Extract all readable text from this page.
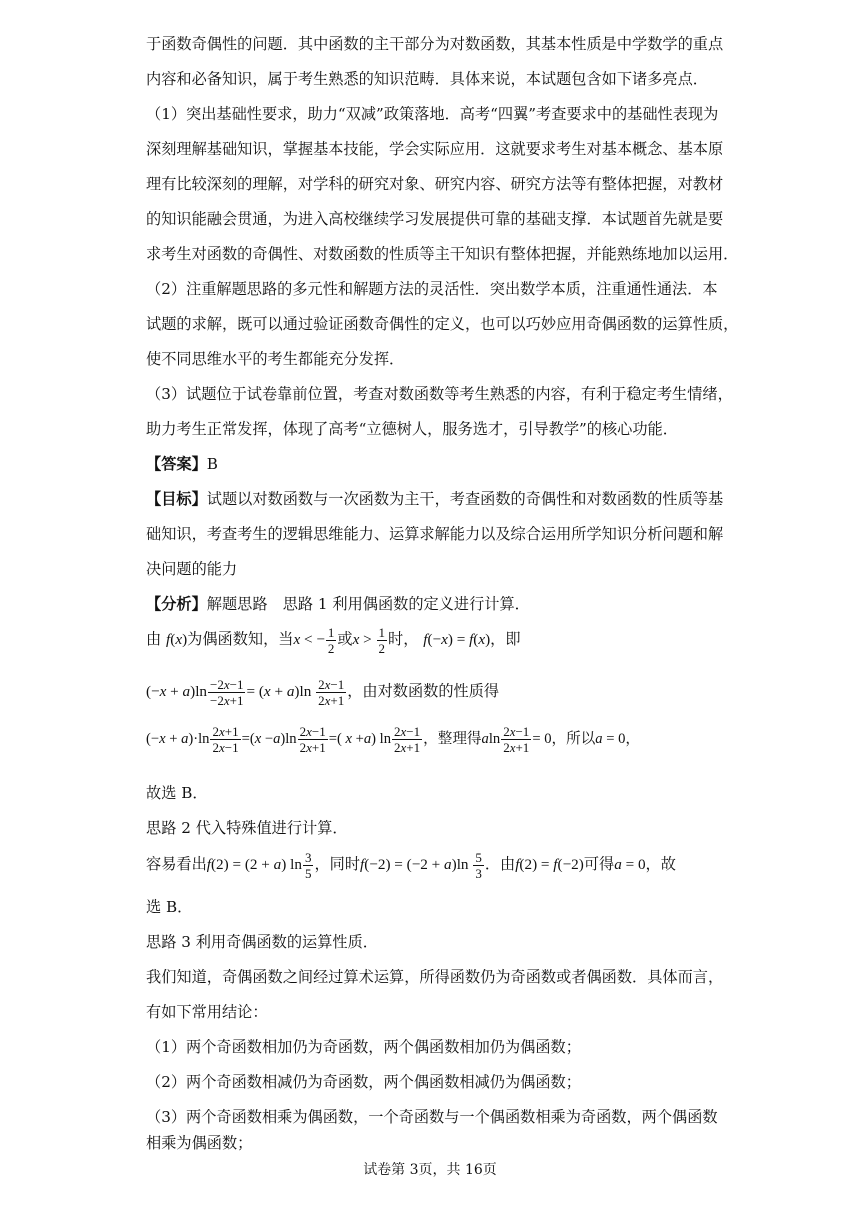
于函数奇偶性的问题．其中函数的主干部分为对数函数，其基本性质是中学数学的重点
内容和必备知识，属于考生熟悉的知识范畴．具体来说，本试题包含如下诸多亮点．
（1）突出基础性要求，助力“双减”政策落地．高考“四翼”考查要求中的基础性表现为
深刻理解基础知识，掌握基本技能，学会实际应用．这就要求考生对基本概念、基本原
理有比较深刻的理解，对学科的研究对象、研究内容、研究方法等有整体把握，对教材
的知识能融会贯通，为进入高校继续学习发展提供可靠的基础支撑．本试题首先就是要
求考生对函数的奇偶性、对数函数的性质等主干知识有整体把握，并能熟练地加以运用．
（2）注重解题思路的多元性和解题方法的灵活性．突出数学本质，注重通性通法．本
试题的求解，既可以通过验证函数奇偶性的定义，也可以巧妙应用奇偶函数的运算性质，
使不同思维水平的考生都能充分发挥．
（3）试题位于试卷靠前位置，考查对数函数等考生熟悉的内容，有利于稳定考生情绪，
助力考生正常发挥，体现了高考“立德树人，服务选才，引导教学”的核心功能．
【答案】B
【目标】试题以对数函数与一次函数为主干，考查函数的奇偶性和对数函数的性质等基
础知识，考查考生的逻辑思维能力、运算求解能力以及综合运用所学知识分析问题和解
决问题的能力
【分析】解题思路　思路 1 利用偶函数的定义进行计算．
由 f(x)为偶函数知，当x < − $\frac{1}{2}$ 或$x > \frac{1}{2}$ 时， f(−x) = f(x)，即
$(-x + a)\ln \frac{-2x-1}{-2x+1} = (x + a)\ln \frac{2x-1}{2x+1}$ ，由对数函数的性质得
$(-x + a)\cdot\ln \frac{2x+1}{2x-1} =(x -a)\ln \frac{2x-1}{2x+1}$ =( x +a) $\ln \frac{2x-1}{2x+1}$ ，整理得aln $\frac{2x-1}{2x+1} = 0$，所以a = 0，
故选 B．
思路 2 代入特殊值进行计算．
容易看出f(2) = (2 + a) $\ln \frac{3}{5}$ ，同时$f(-2) = (-2 + a)\ln \frac{5}{3}$ ．由f(2) = f(−2)可得a = 0，故
选 B．
思路 3 利用奇偶函数的运算性质．
我们知道，奇偶函数之间经过算术运算，所得函数仍为奇函数或者偶函数．具体而言，
有如下常用结论：
（1）两个奇函数相加仍为奇函数，两个偶函数相加仍为偶函数；
（2）两个奇函数相减仍为奇函数，两个偶函数相减仍为偶函数；
（3）两个奇函数相乘为偶函数，一个奇函数与一个偶函数相乘为奇函数，两个偶函数
相乘为偶函数；
试卷第 3页，共 16页
